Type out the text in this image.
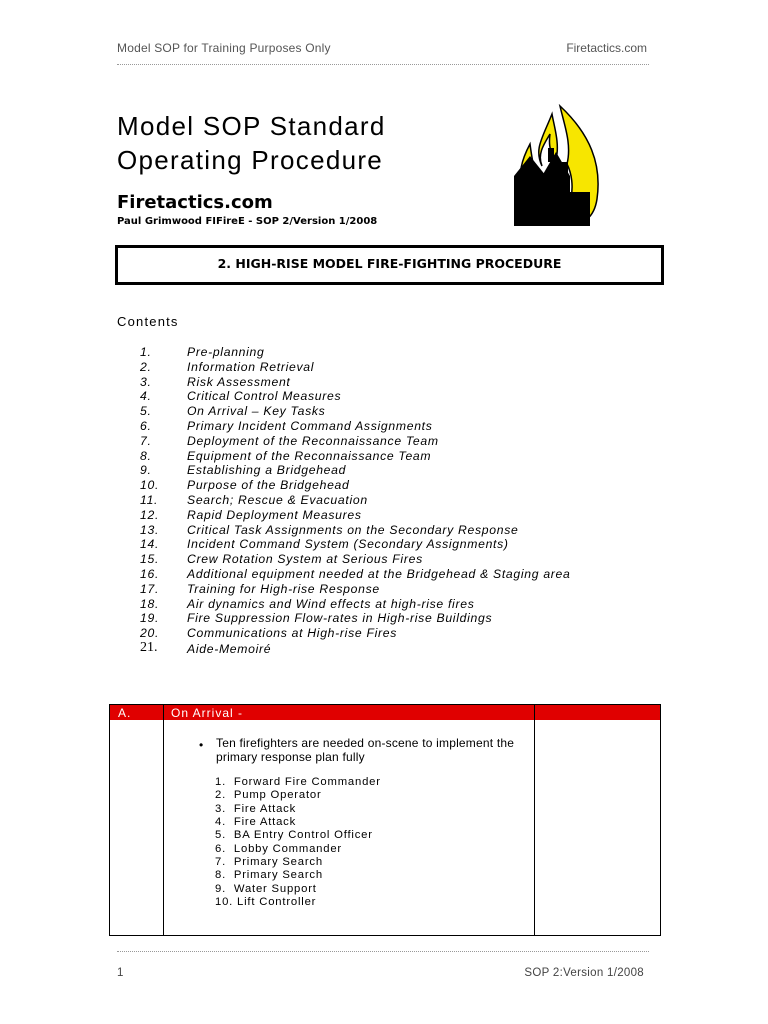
Model SOP for Training Purposes Only	Firetactics.com
Model SOP Standard
Operating Procedure
Firetactics.com
Paul Grimwood FIFireE - SOP 2/Version 1/2008
2. HIGH-RISE MODEL FIRE-FIGHTING PROCEDURE
Contents
1.	Pre-planning
2.	Information Retrieval
3.	Risk Assessment
4.	Critical Control Measures
5.	On Arrival – Key Tasks
6.	Primary Incident Command Assignments
7.	Deployment of the Reconnaissance Team
8.	Equipment of the Reconnaissance Team
9.	Establishing a Bridgehead
10. Purpose of the Bridgehead
11. Search; Rescue & Evacuation
12. Rapid Deployment Measures
13. Critical Task Assignments on the Secondary Response
14. Incident Command System (Secondary Assignments)
15. Crew Rotation System at Serious Fires
16. Additional equipment needed at the Bridgehead & Staging area
17. Training for High-rise Response
18. Air dynamics and Wind effects at high-rise fires
19. Fire Suppression Flow-rates in High-rise Buildings
20. Communications at High-rise Fires
21. Aide-Memoiré
A.	On Arrival -
• Ten firefighters are needed on-scene to implement the primary response plan fully
1.  Forward Fire Commander
2.  Pump Operator
3.  Fire Attack
4.  Fire Attack
5.  BA Entry Control Officer
6.  Lobby Commander
7.  Primary Search
8.  Primary Search
9.  Water Support
10. Lift Controller
1	SOP 2:Version 1/2008
